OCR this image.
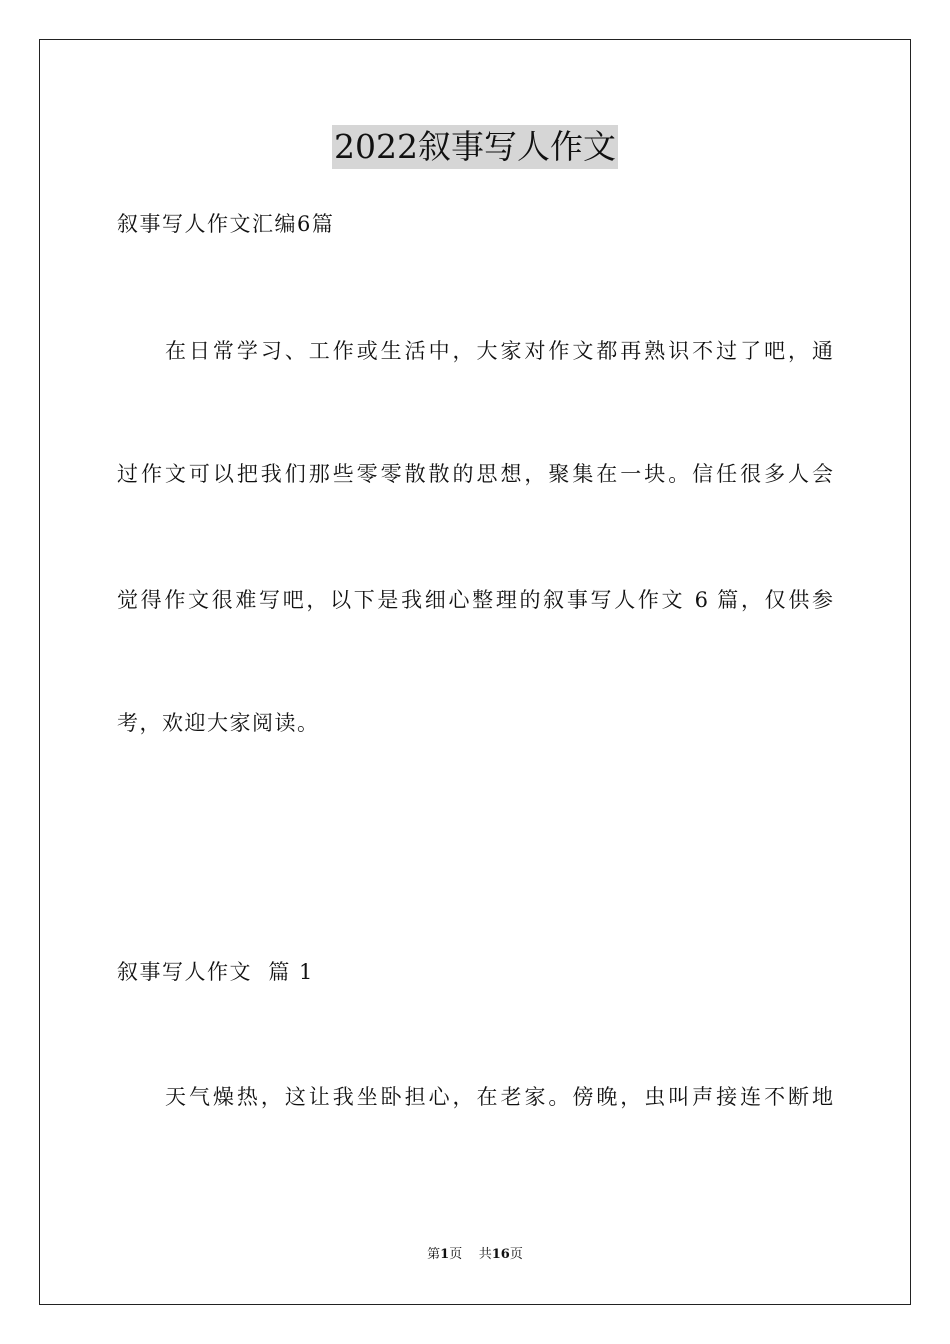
2022叙事写人作文
叙事写人作文汇编6篇
在日常学习、工作或生活中，大家对作文都再熟识不过了吧，通
过作文可以把我们那些零零散散的思想，聚集在一块。信任很多人会
觉得作文很难写吧，以下是我细心整理的叙事写人作文 6 篇，仅供参
考，欢迎大家阅读。
叙事写人作文  篇 1
天气燥热，这让我坐卧担心，在老家。傍晚，虫叫声接连不断地
第1页 共16页
